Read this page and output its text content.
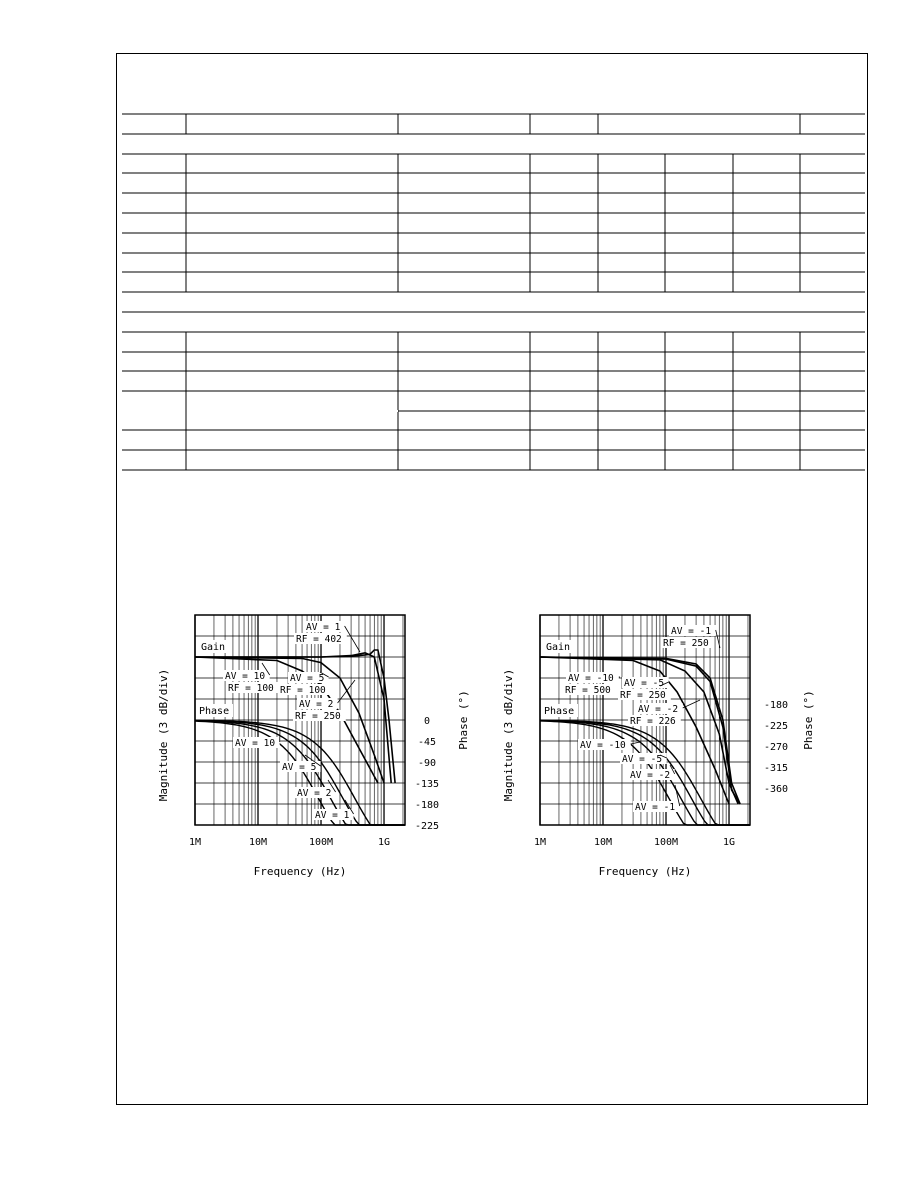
1M	10M	100M	1G
Frequency (Hz)
Magnitude (3 dB/div)	Phase (°)
0
-45
-90
-135
-180
-225
Gain
Phase
AV = 1
RF = 402
AV = 10
RF = 100
AV = 5
RF = 100
AV = 2
RF = 250
AV = 10
AV = 5
AV = 2
AV = 1
1M	10M	100M	1G
Frequency (Hz)
Magnitude (3 dB/div)	Phase (°)
-180
-225
-270
-315
-360
Gain
Phase
AV = -1
RF = 250
AV = -10
RF = 500
AV = -5
RF = 250
AV = -2
RF = 226
AV = -10
AV = -5
AV = -2
AV = -1
